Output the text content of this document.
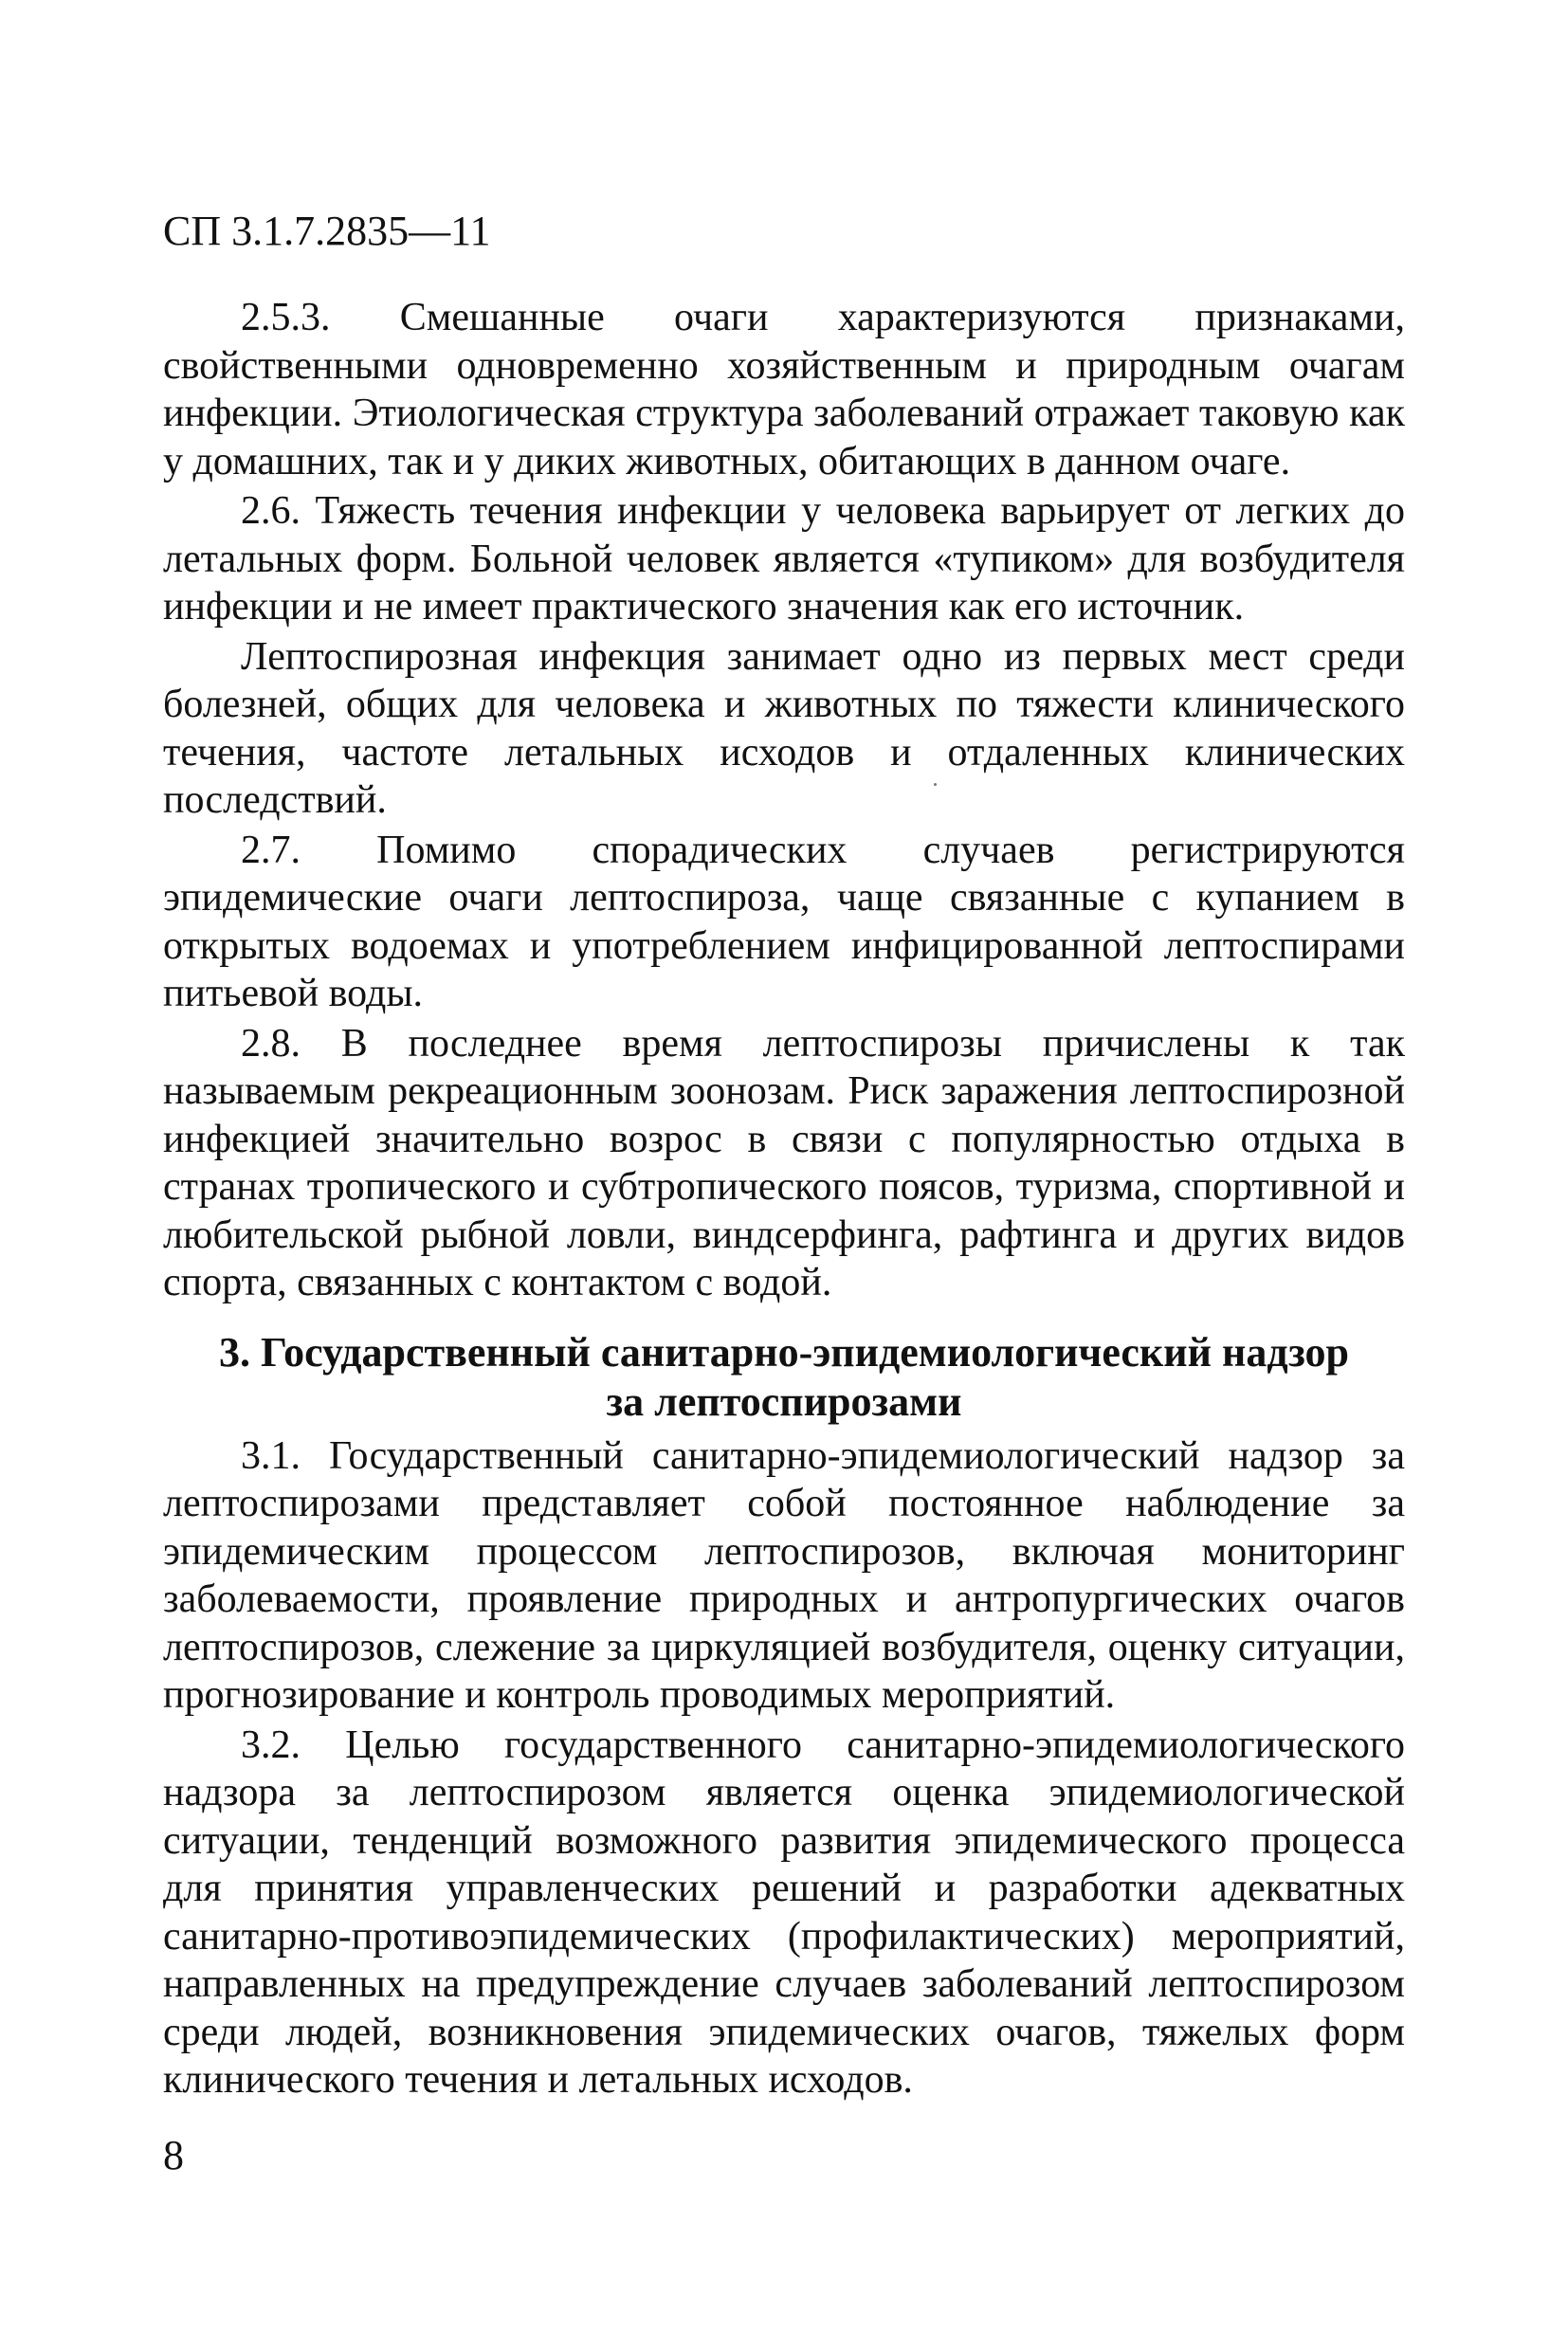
СП 3.1.7.2835—11

2.5.3. Смешанные очаги характеризуются признаками, свойственными одновременно хозяйственным и природным очагам инфекции. Этиологическая структура заболеваний отражает таковую как у домашних, так и у диких животных, обитающих в данном очаге.

2.6. Тяжесть течения инфекции у человека варьирует от легких до летальных форм. Больной человек является «тупиком» для возбудителя инфекции и не имеет практического значения как его источник.

Лептоспирозная инфекция занимает одно из первых мест среди болезней, общих для человека и животных по тяжести клинического течения, частоте летальных исходов и отдаленных клинических последствий.

2.7. Помимо спорадических случаев регистрируются эпидемические очаги лептоспироза, чаще связанные с купанием в открытых водоемах и употреблением инфицированной лептоспирами питьевой воды.

2.8. В последнее время лептоспирозы причислены к так называемым рекреационным зоонозам. Риск заражения лептоспирозной инфекцией значительно возрос в связи с популярностью отдыха в странах тропического и субтропического поясов, туризма, спортивной и любительской рыбной ловли, виндсерфинга, рафтинга и других видов спорта, связанных с контактом с водой.

3. Государственный санитарно-эпидемиологический надзор
за лептоспирозами

3.1. Государственный санитарно-эпидемиологический надзор за лептоспирозами представляет собой постоянное наблюдение за эпидемическим процессом лептоспирозов, включая мониторинг заболеваемости, проявление природных и антропургических очагов лептоспирозов, слежение за циркуляцией возбудителя, оценку ситуации, прогнозирование и контроль проводимых мероприятий.

3.2. Целью государственного санитарно-эпидемиологического надзора за лептоспирозом является оценка эпидемиологической ситуации, тенденций возможного развития эпидемического процесса для принятия управленческих решений и разработки адекватных санитарно-противоэпидемических (профилактических) мероприятий, направленных на предупреждение случаев заболеваний лептоспирозом среди людей, возникновения эпидемических очагов, тяжелых форм клинического течения и летальных исходов.

8
